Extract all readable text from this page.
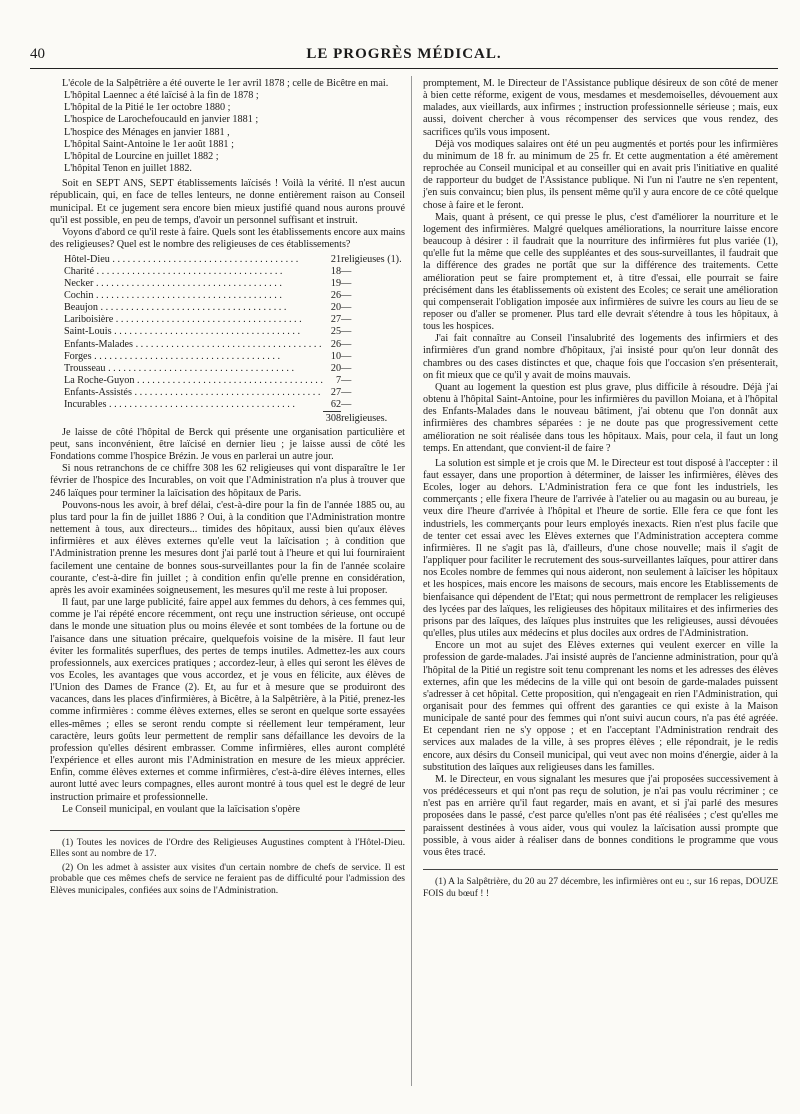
40	LE PROGRÈS MÉDICAL.

L'école de la Salpêtrière a été ouverte le 1er avril 1878 ; celle de Bicêtre en mai.

L'hôpital Laennec a été laïcisé à la fin de 1878 ;

L'hôpital de la Pitié le 1er octobre 1880 ;

L'hospice de Larochefoucauld en janvier 1881 ;

L'hospice des Ménages en janvier 1881 ,

L'hôpital Saint-Antoine le 1er août 1881 ;

L'hôpital de Lourcine en juillet 1882 ;

L'hôpital Tenon en juillet 1882.

Soit en SEPT ANS, SEPT établissements laïcisés ! Voilà la vérité. Il n'est aucun républicain, qui, en face de telles lenteurs, ne donne entièrement raison au Conseil municipal. Et ce jugement sera encore bien mieux justifié quand nous aurons prouvé qu'il est possible, en peu de temps, d'avoir un personnel suffisant et instruit.

Voyons d'abord ce qu'il reste à faire. Quels sont les établissements encore aux mains des religieuses? Quel est le nombre des religieuses de ces établissements?

Hôtel-Dieu . . .	21	religieuses (1).
Charité . . .	18	—
Necker . . .	19	—
Cochin . . .	26	—
Beaujon . . .	20	—
Lariboisière . . .	27	—
Saint-Louis . . .	25	—
Enfants-Malades . . .	26	—
Forges . . .	10	—
Trousseau . . .	20	—
La Roche-Guyon . . .	7	—
Enfants-Assistés . . .	27	—
Incurables . . .	62	—
	308	religieuses.

Je laisse de côté l'hôpital de Berck qui présente une organisation particulière et peut, sans inconvénient, être laïcisé en dernier lieu ; je laisse aussi de côté les Fondations comme l'hospice Brézin. Je vous en parlerai un autre jour.

Si nous retranchons de ce chiffre 308 les 62 religieuses qui vont disparaître le 1er février de l'hospice des Incurables, on voit que l'Administration n'a plus à trouver que 246 laïques pour terminer la laïcisation des hôpitaux de Paris.

Pouvons-nous les avoir, à bref délai, c'est-à-dire pour la fin de l'année 1885 ou, au plus tard pour la fin de juillet 1886 ? Oui, à la condition que l'Administration montre nettement à tous, aux directeurs... timides des hôpitaux, aussi bien qu'aux élèves infirmières et aux élèves externes qu'elle veut la laïcisation ; à condition que l'Administration prenne les mesures dont j'ai parlé tout à l'heure et qui lui fourniraient facilement une centaine de bonnes sous-surveillantes pour la fin de l'année scolaire courante, c'est-à-dire fin juillet ; à condition enfin qu'elle prenne en considération, après les avoir examinées soigneusement, les mesures qu'il me reste à lui proposer.

Il faut, par une large publicité, faire appel aux femmes du dehors, à ces femmes qui, comme je l'ai répété encore récemment, ont reçu une instruction sérieuse, ont occupé dans le monde une situation plus ou moins élevée et sont tombées de la fortune ou de l'aisance dans une situation précaire, quelquefois voisine de la misère. Il faut leur éviter les formalités superflues, des pertes de temps inutiles. Admettez-les aux cours professionnels, aux exercices pratiques ; accordez-leur, à elles qui seront les élèves de vos Ecoles, les avantages que vous accordez, et je vous en félicite, aux élèves de l'Union des Dames de France (2). Et, au fur et à mesure que se produiront des vacances, dans les places d'infirmières, à Bicêtre, à la Salpêtrière, à la Pitié, prenez-les comme infirmières : comme élèves externes, elles se seront en quelque sorte essayées elles-mêmes ; elles se seront rendu compte si réellement leur tempérament, leur caractère, leurs goûts leur permettent de remplir sans défaillance les devoirs de la profession qu'elles désirent embrasser. Comme infirmières, elles auront complété l'expérience et elles auront mis l'Administration en mesure de les mieux apprécier. Enfin, comme élèves externes et comme infirmières, c'est-à-dire élèves internes, elles auront lutté avec leurs compagnes, elles auront montré à tous quel est le degré de leur instruction primaire et professionnelle.

Le Conseil municipal, en voulant que la laïcisation s'opère

(1) Toutes les novices de l'Ordre des Religieuses Augustines comptent à l'Hôtel-Dieu. Elles sont au nombre de 17.

(2) On les admet à assister aux visites d'un certain nombre de chefs de service. Il est probable que ces mêmes chefs de service ne feraient pas de difficulté pour l'admission des Elèves municipales, confiées aux soins de l'Administration.

promptement, M. le Directeur de l'Assistance publique désireux de son côté de mener à bien cette réforme, exigent de vous, mesdames et mesdemoiselles, dévouement aux malades, aux vieillards, aux infirmes ; instruction professionnelle sérieuse ; mais, eux aussi, doivent chercher à vous récompenser des services que vous rendez, des sacrifices qu'ils vous imposent.

Déjà vos modiques salaires ont été un peu augmentés et portés pour les infirmières du minimum de 18 fr. au minimum de 25 fr. Et cette augmentation a été amèrement reprochée au Conseil municipal et au conseiller qui en avait pris l'initiative en qualité de rapporteur du budget de l'Assistance publique. Ni l'un ni l'autre ne s'en repentent, j'en suis convaincu; bien plus, ils pensent même qu'il y aura encore de ce côté quelque chose à faire et le feront.

Mais, quant à présent, ce qui presse le plus, c'est d'améliorer la nourriture et le logement des infirmières. Malgré quelques améliorations, la nourriture laisse encore beaucoup à désirer : il faudrait que la nourriture des infirmières fut plus variée (1), qu'elle fut la même que celle des suppléantes et des sous-surveillantes, il faudrait que la différence des grades ne portât que sur la différence des traitements. Cette amélioration peut se faire promptement et, à titre d'essai, elle pourrait se faire précisément dans les établissements où existent des Ecoles; ce serait une amélioration qui compenserait l'obligation imposée aux infirmières de suivre les cours au lieu de se reposer ou d'aller se promener. Plus tard elle devrait s'étendre à tous les hôpitaux, à tous les hospices.

J'ai fait connaître au Conseil l'insalubrité des logements des infirmiers et des infirmières d'un grand nombre d'hôpitaux, j'ai insisté pour qu'on leur donnât des chambres ou des cases distinctes et que, chaque fois que l'occasion s'en présenterait, on fit mieux que ce qu'il y avait de moins mauvais.

Quant au logement la question est plus grave, plus difficile à résoudre. Déjà j'ai obtenu à l'hôpital Saint-Antoine, pour les infirmières du pavillon Moiana, et à l'hôpital des Enfants-Malades dans le nouveau bâtiment, j'ai obtenu que l'on donnât aux infirmières des chambres séparées : je ne doute pas que progressivement cette amélioration ne soit réalisée dans tous les hôpitaux. Mais, pour cela, il faut un long temps. En attendant, que convient-il de faire ?

La solution est simple et je crois que M. le Directeur est tout disposé à l'accepter : il faut essayer, dans une proportion à déterminer, de laisser les infirmières, élèves des Ecoles, loger au dehors. L'Administration fera ce que font les industriels, les commerçants ; elle fixera l'heure de l'arrivée à l'atelier ou au magasin ou au bureau, je veux dire l'heure d'arrivée à l'hôpital et l'heure de sortie. Elle fera ce que font les industriels, les commerçants pour leurs employés inexacts. Rien n'est plus facile que de tenter cet essai avec les Elèves externes que l'Administration acceptera comme infirmières. Il ne s'agit pas là, d'ailleurs, d'une chose nouvelle; mais il s'agit de l'appliquer pour faciliter le recrutement des sous-surveillantes laïques, pour attirer dans nos Ecoles nombre de femmes qui nous aideront, non seulement à laïciser les hôpitaux et les hospices, mais encore les maisons de secours, mais encore les Etablissements de bienfaisance qui dépendent de l'Etat; qui nous permettront de remplacer les religieuses des lycées par des laïques, les religieuses des hôpitaux militaires et des infirmeries des prisons par des laïques, des laïques plus instruites que les religieuses, aussi dévouées qu'elles, plus utiles aux médecins et plus dociles aux ordres de l'Administration.

Encore un mot au sujet des Elèves externes qui veulent exercer en ville la profession de garde-malades. J'ai insisté auprès de l'ancienne administration, pour qu'à l'hôpital de la Pitié un registre soit tenu comprenant les noms et les adresses des élèves externes, afin que les médecins de la ville qui ont besoin de garde-malades puissent s'adresser à cet hôpital. Cette proposition, qui n'engageait en rien l'Administration, qui organisait pour des femmes qui offrent des garanties ce qui existe à la Maison municipale de santé pour des femmes qui n'ont suivi aucun cours, n'a pas été agréée. Et cependant rien ne s'y oppose ; et en l'acceptant l'Administration rendrait des services aux malades de la ville, à ses propres élèves ; elle répondrait, je le redis encore, aux désirs du Conseil municipal, qui veut avec non moins d'énergie, aider à la substitution des laïques aux religieuses dans les familles.

M. le Directeur, en vous signalant les mesures que j'ai proposées successivement à vos prédécesseurs et qui n'ont pas reçu de solution, je n'ai pas voulu récriminer ; ce n'est pas en arrière qu'il faut regarder, mais en avant, et si j'ai parlé des mesures proposées dans le passé, c'est parce qu'elles n'ont pas été réalisées ; c'est qu'elles me paraissent destinées à vous aider, vous qui voulez la laïcisation aussi prompte que possible, à vous aider à réaliser dans de bonnes conditions le programme que vous vous êtes tracé.

(1) A la Salpêtrière, du 20 au 27 décembre, les infirmières ont eu :, sur 16 repas, DOUZE FOIS du bœuf ! !
